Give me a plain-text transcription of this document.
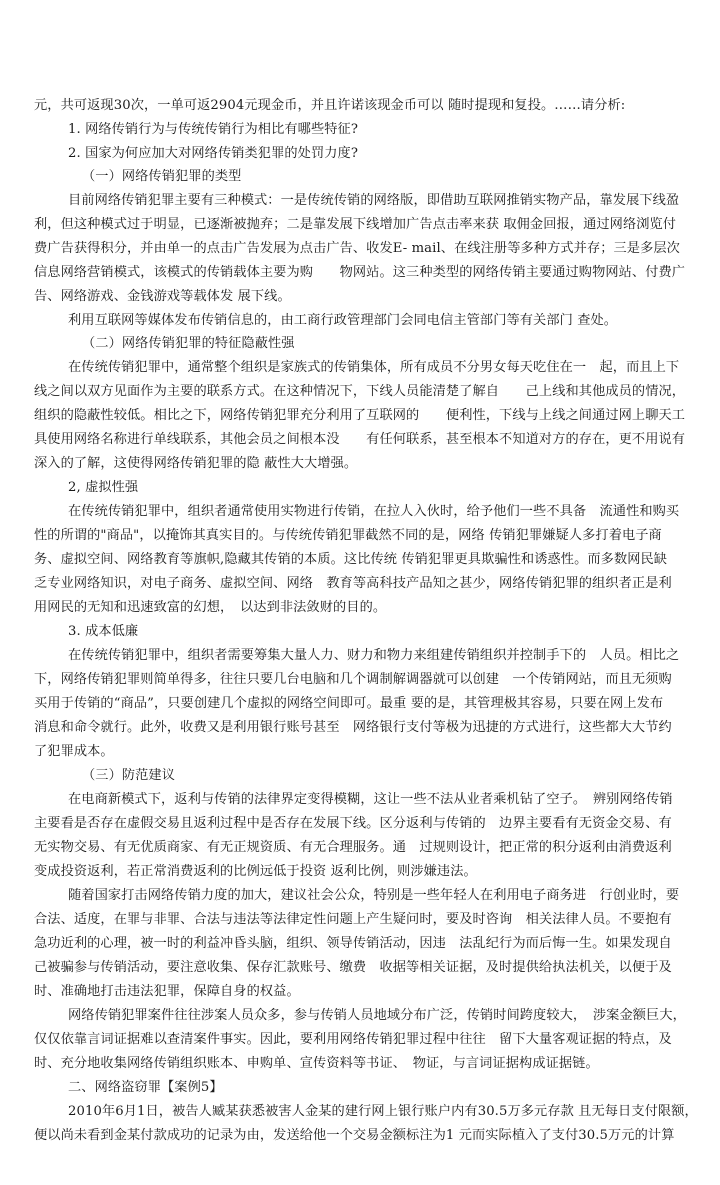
元，共可返现30次，一单可返2904元现金币，并且许诺该现金币可以 随时提现和复投。……请分析:
1. 网络传销行为与传统传销行为相比有哪些特征?
2. 国家为何应加大对网络传销类犯罪的处罚力度?
（一）网络传销犯罪的类型
目前网络传销犯罪主要有三种模式：一是传统传销的网络版，即借助互联网推销实物产品，靠发展下线盈
利，但这种模式过于明显，已逐渐被抛弃；二是靠发展下线增加广告点击率来获 取佣金回报，通过网络浏览付
费广告获得积分，并由单一的点击广告发展为点击广告、收发E- mail、在线注册等多种方式并存；三是多层次
信息网络营销模式，该模式的传销载体主要为购　　物网站。这三种类型的网络传销主要通过购物网站、付费广
告、网络游戏、金钱游戏等载体发 展下线。
利用互联网等媒体发布传销信息的，由工商行政管理部门会同电信主管部门等有关部门 查处。
（二）网络传销犯罪的特征隐蔽性强
在传统传销犯罪中，通常整个组织是家族式的传销集体，所有成员不分男女每天吃住在一　起，而且上下
线之间以双方见面作为主要的联系方式。在这种情况下，下线人员能清楚了解自　　己上线和其他成员的情况，
组织的隐蔽性较低。相比之下，网络传销犯罪充分利用了互联网的　　便利性，下线与上线之间通过网上聊天工
具使用网络名称进行单线联系，其他会员之间根本没　　有任何联系，甚至根本不知道对方的存在，更不用说有
深入的了解，这使得网络传销犯罪的隐 蔽性大大增强。
2, 虚拟性强
在传统传销犯罪中，组织者通常使用实物进行传销，在拉人入伙时，给予他们一些不具备　流通性和购买
性的所谓的"商品"，以掩饰其真实目的。与传统传销犯罪截然不同的是，网络 传销犯罪嫌疑人多打着电子商
务、虚拟空间、网络教育等旗帜,隐藏其传销的本质。这比传统 传销犯罪更具欺骗性和诱惑性。而多数网民缺
乏专业网络知识，对电子商务、虚拟空间、网络　教育等高科技产品知之甚少，网络传销犯罪的组织者正是利
用网民的无知和迅速致富的幻想，　以达到非法敛财的目的。
3. 成本低廉
在传统传销犯罪中，组织者需要筹集大量人力、财力和物力来组建传销组织并控制手下的　人员。相比之
下，网络传销犯罪则简单得多，往往只要几台电脑和几个调制解调器就可以创建　一个传销网站，而且无须购
买用于传销的“商品”，只要创建几个虚拟的网络空间即可。最重 要的是，其管理极其容易，只要在网上发布
消息和命令就行。此外，收费又是利用银行账号甚至　网络银行支付等极为迅捷的方式进行，这些都大大节约
了犯罪成本。
（三）防范建议
在电商新模式下，返利与传销的法律界定变得模糊，这让一些不法从业者乘机钻了空子。　辨别网络传销
主要看是否存在虚假交易且返利过程中是否存在发展下线。区分返利与传销的　边界主要看有无资金交易、有
无实物交易、有无优质商家、有无正规资质、有无合理服务。通　过规则设计，把正常的积分返利由消费返利
变成投资返利，若正常消费返利的比例远低于投资 返利比例，则涉嫌违法。
随着国家打击网络传销力度的加大，建议社会公众，特别是一些年轻人在利用电子商务进　行创业时，要
合法、适度，在罪与非罪、合法与违法等法律定性问题上产生疑问时，要及时咨询　相关法律人员。不要抱有
急功近利的心理，被一时的利益冲昏头脑，组织、领导传销活动，因违　法乱纪行为而后悔一生。如果发现自
己被骗参与传销活动，要注意收集、保存汇款账号、缴费　收据等相关证据，及时提供给执法机关，以便于及
时、准确地打击违法犯罪，保障自身的权益。
网络传销犯罪案件往往涉案人员众多，参与传销人员地域分布广泛，传销时间跨度较大，　涉案金额巨大，
仅仅依靠言词证据难以查清案件事实。因此，要利用网络传销犯罪过程中往往　留下大量客观证据的特点，及
时、充分地收集网络传销组织账本、申购单、宣传资料等书证、　物证，与言词证据构成证据链。
二、网络盗窃罪【案例5】
2010年6月1日，被告人臧某获悉被害人金某的建行网上银行账户内有30.5万多元存款 且无每日支付限额，
便以尚未看到金某付款成功的记录为由，发送给他一个交易金额标注为1 元而实际植入了支付30.5万元的计算
